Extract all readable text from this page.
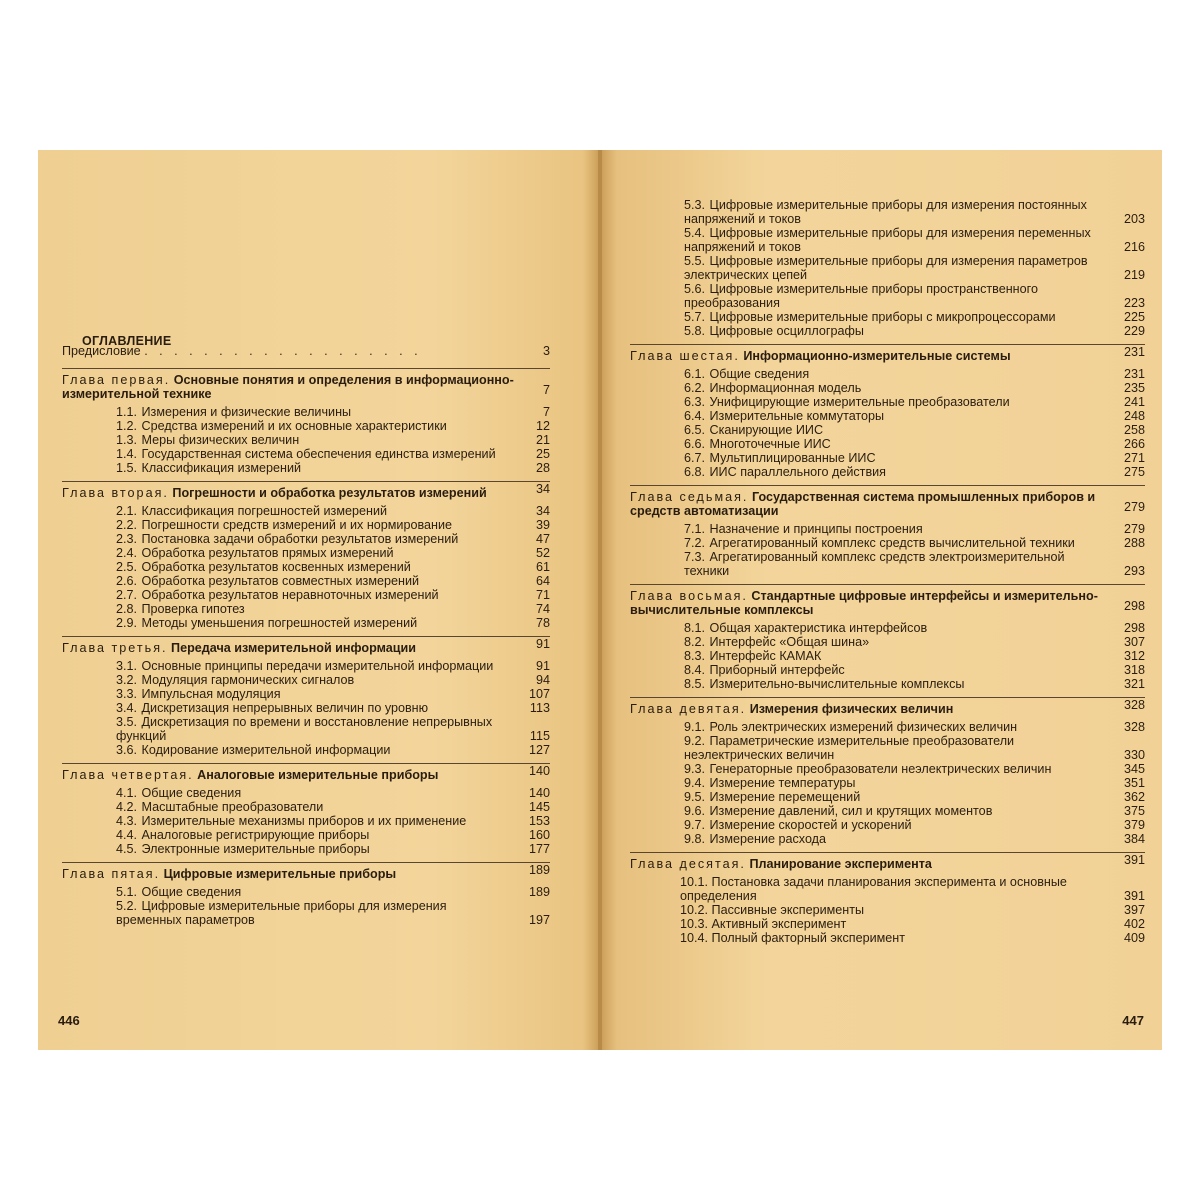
ОГЛАВЛЕНИЕ
Предисловие . . . . . . . . . . . . . . . . . . .	3
Глава первая. Основные понятия и определения в информационно-измерительной технике	7
1.1. Измерения и физические величины	7
1.2. Средства измерений и их основные характеристики	12
1.3. Меры физических величин	21
1.4. Государственная система обеспечения единства измерений	25
1.5. Классификация измерений	28
Глава вторая. Погрешности и обработка результатов измерений	34
2.1. Классификация погрешностей измерений	34
2.2. Погрешности средств измерений и их нормирование	39
2.3. Постановка задачи обработки результатов измерений	47
2.4. Обработка результатов прямых измерений	52
2.5. Обработка результатов косвенных измерений	61
2.6. Обработка результатов совместных измерений	64
2.7. Обработка результатов неравноточных измерений	71
2.8. Проверка гипотез	74
2.9. Методы уменьшения погрешностей измерений	78
Глава третья. Передача измерительной информации	91
3.1. Основные принципы передачи измерительной информации	91
3.2. Модуляция гармонических сигналов	94
3.3. Импульсная модуляция	107
3.4. Дискретизация непрерывных величин по уровню	113
3.5. Дискретизация по времени и восстановление непрерывных функций	115
3.6. Кодирование измерительной информации	127
Глава четвертая. Аналоговые измерительные приборы	140
4.1. Общие сведения	140
4.2. Масштабные преобразователи	145
4.3. Измерительные механизмы приборов и их применение	153
4.4. Аналоговые регистрирующие приборы	160
4.5. Электронные измерительные приборы	177
Глава пятая. Цифровые измерительные приборы	189
5.1. Общие сведения	189
5.2. Цифровые измерительные приборы для измерения временных параметров	197
446
5.3. Цифровые измерительные приборы для измерения постоянных напряжений и токов	203
5.4. Цифровые измерительные приборы для измерения переменных напряжений и токов	216
5.5. Цифровые измерительные приборы для измерения параметров электрических цепей	219
5.6. Цифровые измерительные приборы пространственного преобразования	223
5.7. Цифровые измерительные приборы с микропроцессорами	225
5.8. Цифровые осциллографы	229
Глава шестая. Информационно-измерительные системы	231
6.1. Общие сведения	231
6.2. Информационная модель	235
6.3. Унифицирующие измерительные преобразователи	241
6.4. Измерительные коммутаторы	248
6.5. Сканирующие ИИС	258
6.6. Многоточечные ИИС	266
6.7. Мультиплицированные ИИС	271
6.8. ИИС параллельного действия	275
Глава седьмая. Государственная система промышленных приборов и средств автоматизации	279
7.1. Назначение и принципы построения	279
7.2. Агрегатированный комплекс средств вычислительной техники	288
7.3. Агрегатированный комплекс средств электроизмерительной техники	293
Глава восьмая. Стандартные цифровые интерфейсы и измерительно-вычислительные комплексы	298
8.1. Общая характеристика интерфейсов	298
8.2. Интерфейс «Общая шина»	307
8.3. Интерфейс КАМАК	312
8.4. Приборный интерфейс	318
8.5. Измерительно-вычислительные комплексы	321
Глава девятая. Измерения физических величин	328
9.1. Роль электрических измерений физических величин	328
9.2. Параметрические измерительные преобразователи неэлектрических величин	330
9.3. Генераторные преобразователи неэлектрических величин	345
9.4. Измерение температуры	351
9.5. Измерение перемещений	362
9.6. Измерение давлений, сил и крутящих моментов	375
9.7. Измерение скоростей и ускорений	379
9.8. Измерение расхода	384
Глава десятая. Планирование эксперимента	391
10.1. Постановка задачи планирования эксперимента и основные определения	391
10.2. Пассивные эксперименты	397
10.3. Активный эксперимент	402
10.4. Полный факторный эксперимент	409
447
